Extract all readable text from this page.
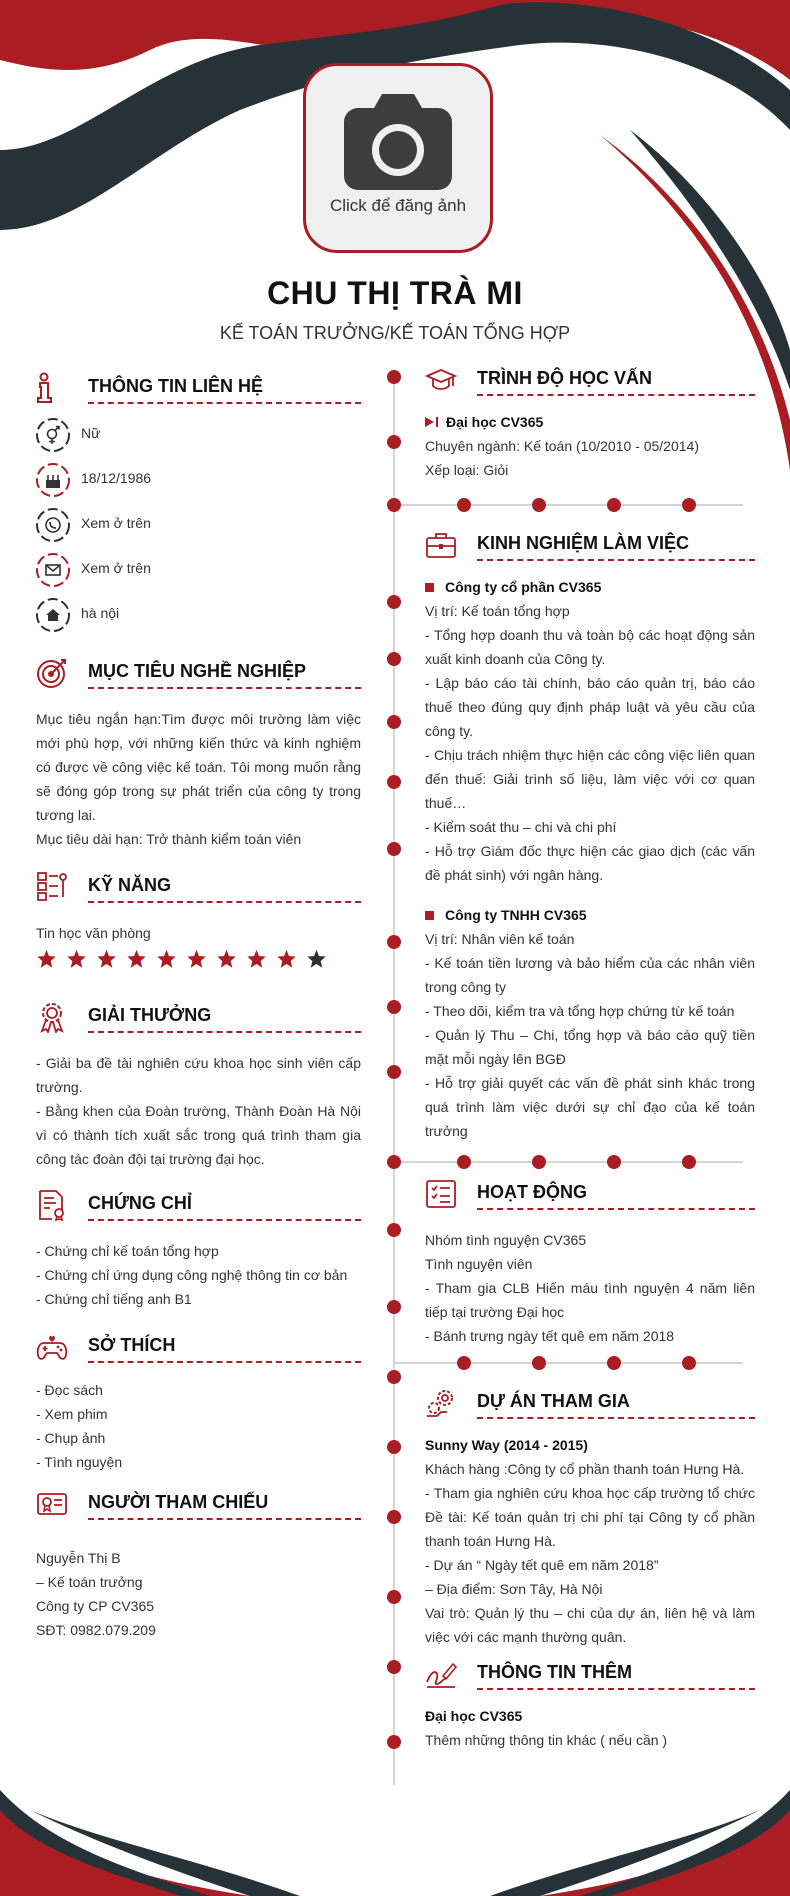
Click để đăng ảnh
CHU THỊ TRÀ MI
KẾ TOÁN TRƯỞNG/KẾ TOÁN TỔNG HỢP
THÔNG TIN LIÊN HỆ
Nữ
18/12/1986
Xem ở trên
Xem ở trên
hà nội
MỤC TIÊU NGHỀ NGHIỆP
Mục tiêu ngắn hạn:Tìm được môi trường làm việc mới phù hợp, với những kiến thức và kinh nghiệm có được về công việc kế toán. Tôi mong muốn rằng sẽ đóng góp trong sự phát triển của công ty trong tương lai.
Mục tiêu dài hạn: Trở thành kiểm toán viên
KỸ NĂNG
Tin học văn phòng
GIẢI THƯỞNG
- Giải ba đề tài nghiên cứu khoa học sinh viên cấp trường.
- Bằng khen của Đoàn trường, Thành Đoàn Hà Nội vì có thành tích xuất sắc trong quá trình tham gia công tác đoàn đội tại trường đại học.
CHỨNG CHỈ
- Chứng chỉ kế toán tổng hợp
- Chứng chỉ ứng dụng công nghệ thông tin cơ bản
- Chứng chỉ tiếng anh B1
SỞ THÍCH
- Đọc sách
- Xem phim
- Chụp ảnh
- Tình nguyện
NGƯỜI THAM CHIẾU
Nguyễn Thị B
– Kế toán trưởng
Công ty CP CV365
SĐT: 0982.079.209
TRÌNH ĐỘ HỌC VẤN
Đại học CV365
Chuyên ngành: Kế toán (10/2010 - 05/2014)
Xếp loại: Giỏi
KINH NGHIỆM LÀM VIỆC
Công ty cổ phần CV365
Vị trí: Kế toán tổng hợp
- Tổng hợp doanh thu và toàn bộ các hoạt động sản xuất kinh doanh của Công ty.
- Lập báo cáo tài chính, báo cáo quản trị, báo cáo thuế theo đúng quy định pháp luật và yêu cầu của công ty.
- Chịu trách nhiệm thực hiện các công việc liên quan đến thuế: Giải trình số liệu, làm việc với cơ quan thuế…
- Kiểm soát thu – chi và chi phí
- Hỗ trợ Giám đốc thực hiện các giao dịch (các vấn đề phát sinh) với ngân hàng.
Công ty TNHH CV365
Vị trí: Nhân viên kế toán
- Kế toán tiền lương và bảo hiểm của các nhân viên trong công ty
- Theo dõi, kiểm tra và tổng hợp chứng từ kế toán
- Quản lý Thu – Chi, tổng hợp và báo cáo quỹ tiền mặt mỗi ngày lên BGĐ
- Hỗ trợ giải quyết các vấn đề phát sinh khác trong quá trình làm việc dưới sự chỉ đạo của kế toán trưởng
HOẠT ĐỘNG
Nhóm tình nguyện CV365
Tình nguyện viên
- Tham gia CLB Hiến máu tình nguyện 4 năm liên tiếp tại trường Đại học
- Bánh trưng ngày tết quê em năm 2018
DỰ ÁN THAM GIA
Sunny Way (2014 - 2015)
Khách hàng :Công ty cổ phần thanh toán Hưng Hà.
- Tham gia nghiên cứu khoa học cấp trường tổ chức Đề tài: Kế toán quản trị chi phí tại Công ty cổ phần thanh toán Hưng Hà.
- Dự án “ Ngày tết quê em năm 2018”
– Địa điểm: Sơn Tây, Hà Nội
Vai trò: Quản lý thu – chi của dự án, liên hệ và làm việc với các mạnh thường quân.
THÔNG TIN THÊM
Đại học CV365
Thêm những thông tin khác ( nếu cần )
